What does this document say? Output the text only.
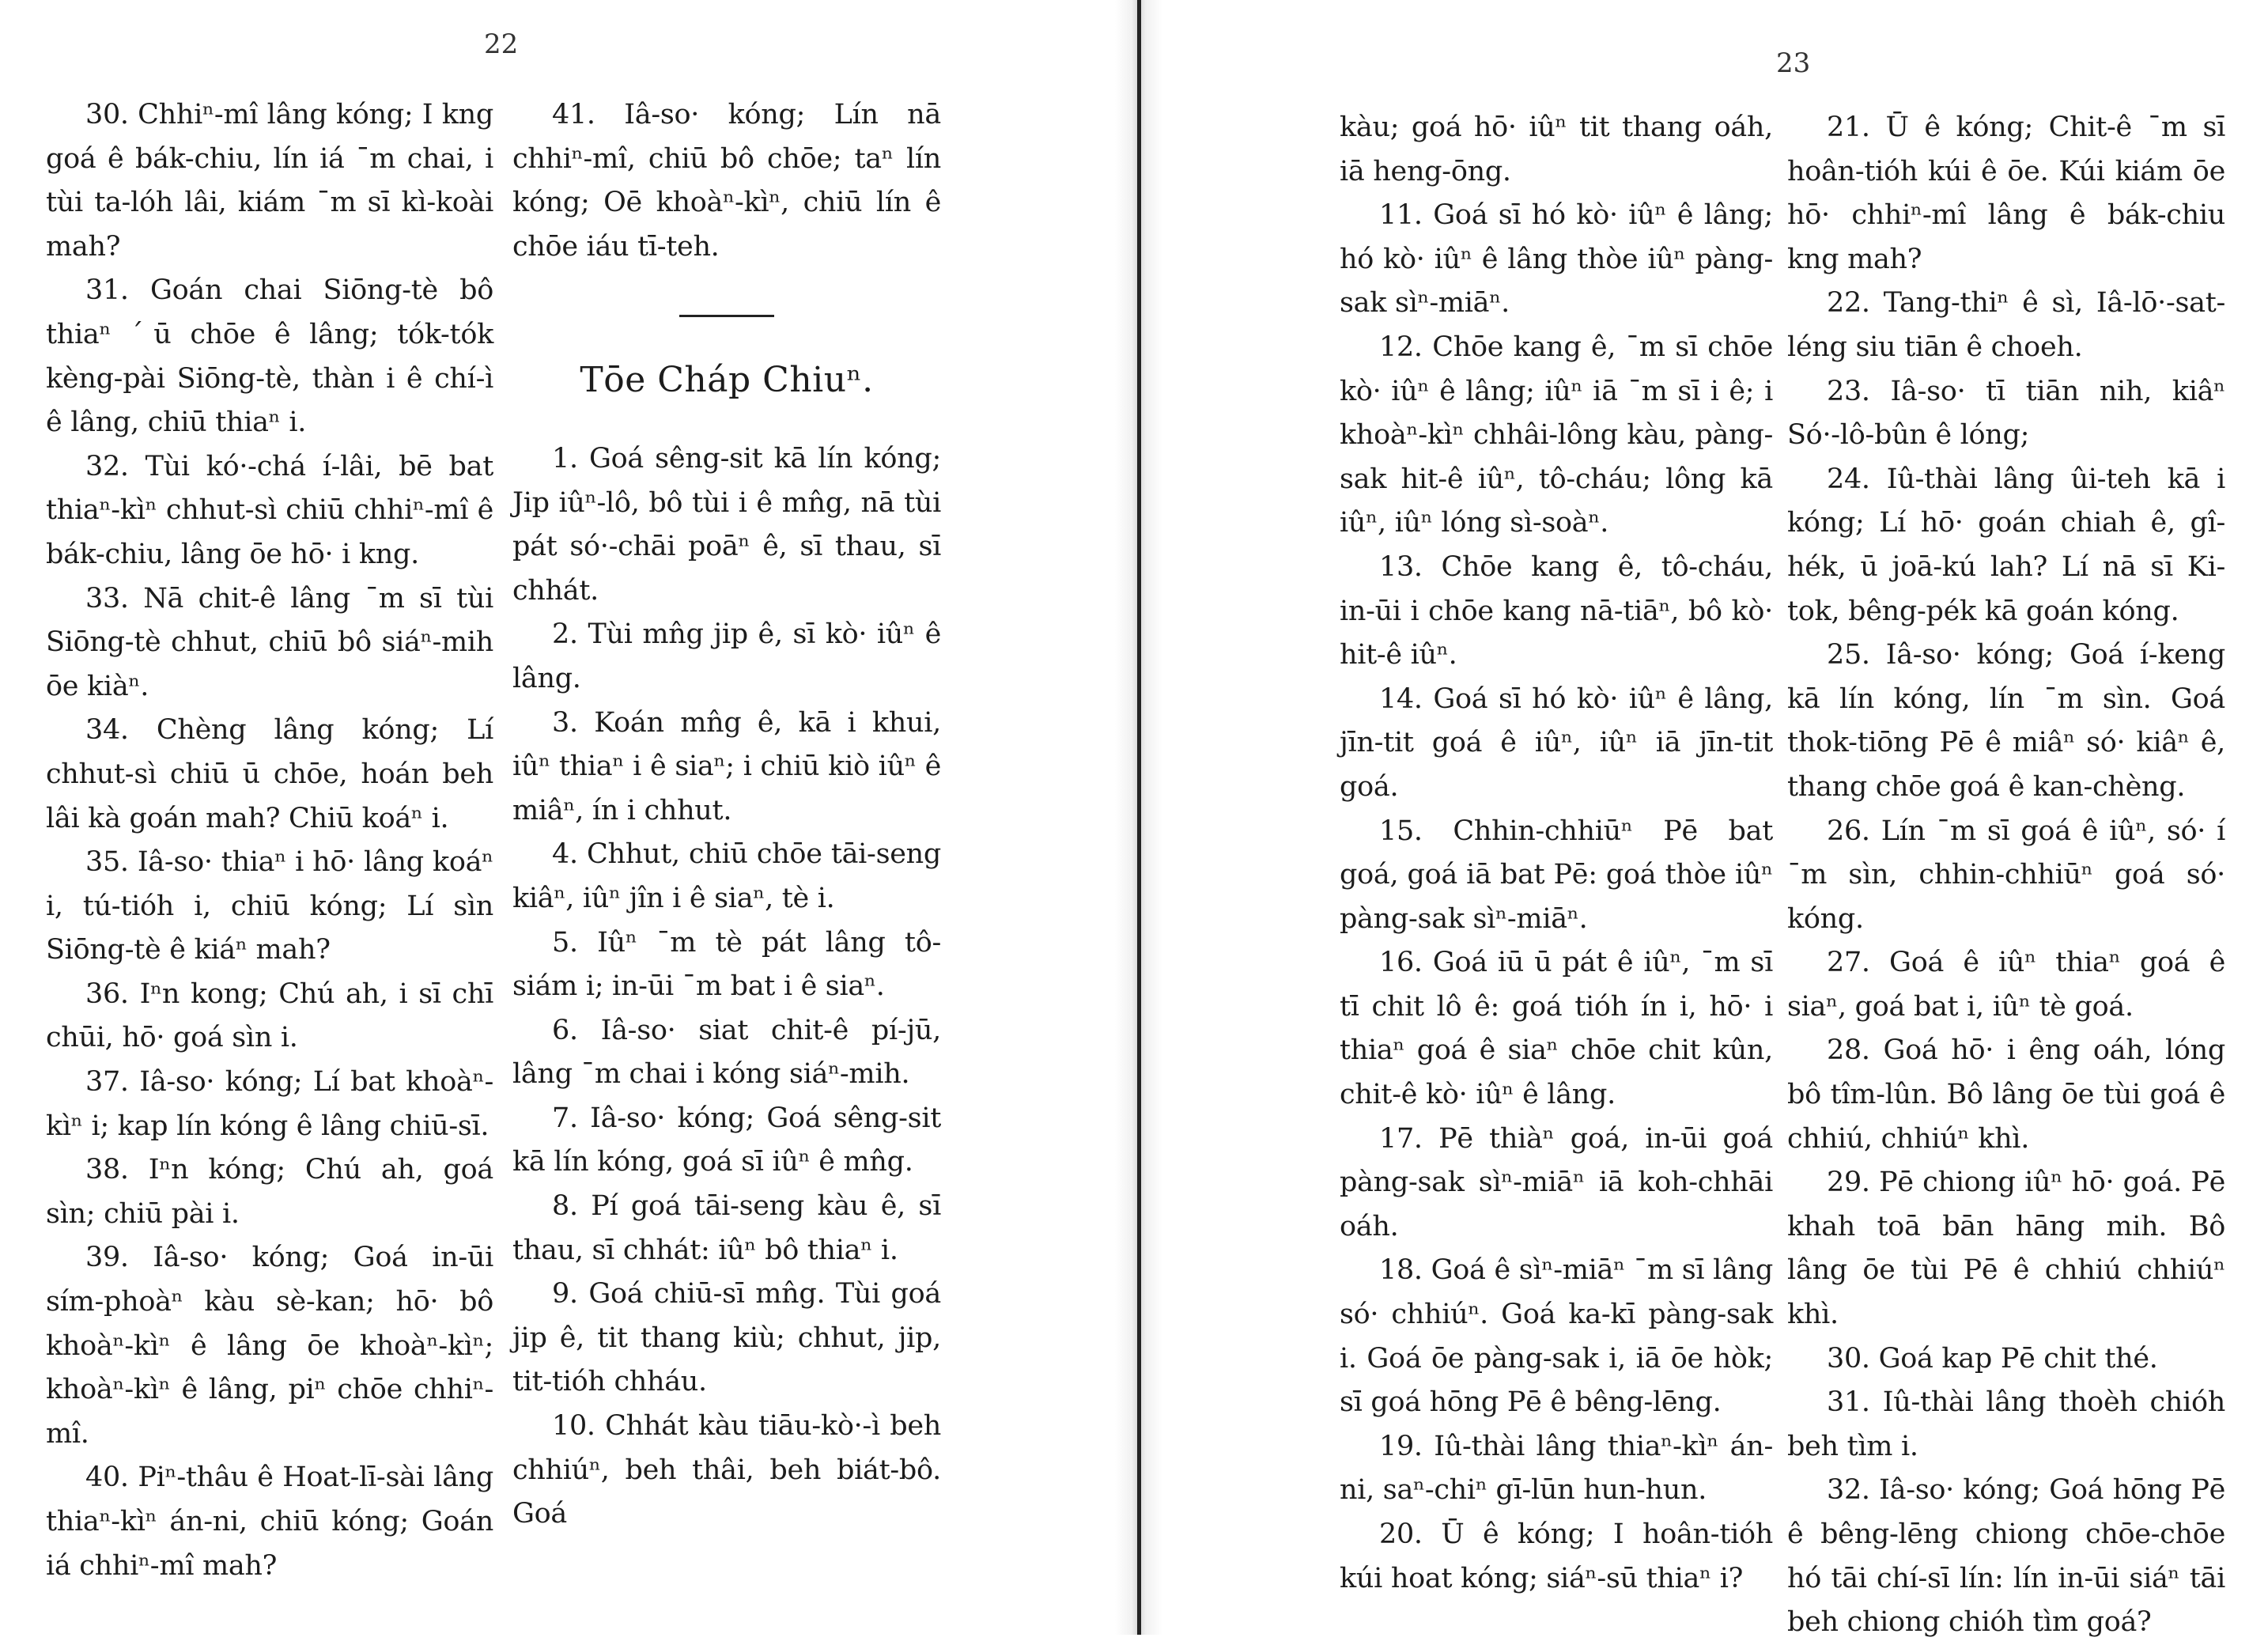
22

30. Chhiⁿ-mî lâng kóng; I kng goá ê bák-chiu, lín iá ˉm chai, i tùi ta-lóh lâi, kiám ˉm sī kì-koài mah?

31. Goán chai Siōng-tè bô thiaⁿ ˊū chōe ê lâng; tók-tók kèng-pài Siōng-tè, thàn i ê chí-ì ê lâng, chiū thiaⁿ i.

32. Tùi kó·-chá í-lâi, bē bat thiaⁿ-kìⁿ chhut-sì chiū chhiⁿ-mî ê bák-chiu, lâng ōe hō· i kng.

33. Nā chit-ê lâng ˉm sī tùi Siōng-tè chhut, chiū bô siáⁿ-mih ōe kiàⁿ.

34. Chèng lâng kóng; Lí chhut-sì chiū ū chōe, hoán beh lâi kà goán mah? Chiū koáⁿ i.

35. Iâ-so· thiaⁿ i hō· lâng koáⁿ i, tú-tióh i, chiū kóng; Lí sìn Siōng-tè ê kiáⁿ mah?

36. Iⁿn kong; Chú ah, i sī chī chūi, hō· goá sìn i.

37. Iâ-so· kóng; Lí bat khoàⁿ-kìⁿ i; kap lín kóng ê lâng chiū-sī.

38. Iⁿn kóng; Chú ah, goá sìn; chiū pài i.

39. Iâ-so· kóng; Goá in-ūi sím-phoàⁿ kàu sè-kan; hō· bô khoàⁿ-kìⁿ ê lâng ōe khoàⁿ-kìⁿ; khoàⁿ-kìⁿ ê lâng, piⁿ chōe chhiⁿ-mî.

40. Piⁿ-thâu ê Hoat-lī-sài lâng thiaⁿ-kìⁿ án-ni, chiū kóng; Goán iá chhiⁿ-mî mah?

41. Iâ-so· kóng; Lín nā chhiⁿ-mî, chiū bô chōe; taⁿ lín kóng; Oē khoàⁿ-kìⁿ, chiū lín ê chōe iáu tī-teh.

Tōe Cháp Chiuⁿ.

1. Goá sêng-sit kā lín kóng; Jip iûⁿ-lô, bô tùi i ê mn̂g, nā tùi pát só·-chāi poāⁿ ê, sī thau, sī chhát.

2. Tùi mn̂g jip ê, sī kò· iûⁿ ê lâng.

3. Koán mn̂g ê, kā i khui, iûⁿ thiaⁿ i ê siaⁿ; i chiū kiò iûⁿ ê miâⁿ, ín i chhut.

4. Chhut, chiū chōe tāi-seng kiâⁿ, iûⁿ jîn i ê siaⁿ, tè i.

5. Iûⁿ ˉm tè pát lâng tô-siám i; in-ūi ˉm bat i ê siaⁿ.

6. Iâ-so· siat chit-ê pí-jū, lâng ˉm chai i kóng siáⁿ-mih.

7. Iâ-so· kóng; Goá sêng-sit kā lín kóng, goá sī iûⁿ ê mn̂g.

8. Pí goá tāi-seng kàu ê, sī thau, sī chhát: iûⁿ bô thiaⁿ i.

9. Goá chiū-sī mn̂g. Tùi goá jip ê, tit thang kiù; chhut, jip, tit-tióh chháu.

10. Chhát kàu tiāu-kò·-ì beh chhiúⁿ, beh thâi, beh biát-bô. Goá

23

kàu; goá hō· iûⁿ tit thang oáh, iā heng-ōng.

11. Goá sī hó kò· iûⁿ ê lâng; hó kò· iûⁿ ê lâng thòe iûⁿ pàng-sak sìⁿ-miāⁿ.

12. Chōe kang ê, ˉm sī chōe kò· iûⁿ ê lâng; iûⁿ iā ˉm sī i ê; i khoàⁿ-kìⁿ chhâi-lông kàu, pàng-sak hit-ê iûⁿ, tô-cháu; lông kā iûⁿ, iûⁿ lóng sì-soàⁿ.

13. Chōe kang ê, tô-cháu, in-ūi i chōe kang nā-tiāⁿ, bô kò· hit-ê iûⁿ.

14. Goá sī hó kò· iûⁿ ê lâng, jīn-tit goá ê iûⁿ, iûⁿ iā jīn-tit goá.

15. Chhin-chhiūⁿ Pē bat goá, goá iā bat Pē: goá thòe iûⁿ pàng-sak sìⁿ-miāⁿ.

16. Goá iū ū pát ê iûⁿ, ˉm sī tī chit lô ê: goá tióh ín i, hō· i thiaⁿ goá ê siaⁿ chōe chit kûn, chit-ê kò· iûⁿ ê lâng.

17. Pē thiàⁿ goá, in-ūi goá pàng-sak sìⁿ-miāⁿ iā koh-chhāi oáh.

18. Goá ê sìⁿ-miāⁿ ˉm sī lâng só· chhiúⁿ. Goá ka-kī pàng-sak i. Goá ōe pàng-sak i, iā ōe hòk; sī goá hōng Pē ê bêng-lēng.

19. Iû-thài lâng thiaⁿ-kìⁿ án-ni, saⁿ-chiⁿ gī-lūn hun-hun.

20. Ū ê kóng; I hoân-tióh kúi hoat kóng; siáⁿ-sū thiaⁿ i?

21. Ū ê kóng; Chit-ê ˉm sī hoân-tióh kúi ê ōe. Kúi kiám ōe hō· chhiⁿ-mî lâng ê bák-chiu kng mah?

22. Tang-thiⁿ ê sì, Iâ-lō·-sat-léng siu tiān ê choeh.

23. Iâ-so· tī tiān nih, kiâⁿ Só·-lô-bûn ê lóng;

24. Iû-thài lâng ûi-teh kā i kóng; Lí hō· goán chiah ê, gî-hék, ū joā-kú lah? Lí nā sī Ki-tok, bêng-pék kā goán kóng.

25. Iâ-so· kóng; Goá í-keng kā lín kóng, lín ˉm sìn. Goá thok-tiōng Pē ê miâⁿ só· kiâⁿ ê, thang chōe goá ê kan-chèng.

26. Lín ˉm sī goá ê iûⁿ, só· í ˉm sìn, chhin-chhiūⁿ goá só· kóng.

27. Goá ê iûⁿ thiaⁿ goá ê siaⁿ, goá bat i, iûⁿ tè goá.

28. Goá hō· i êng oáh, lóng bô tîm-lûn. Bô lâng ōe tùi goá ê chhiú, chhiúⁿ khì.

29. Pē chiong iûⁿ hō· goá. Pē khah toā bān hāng mih. Bô lâng ōe tùi Pē ê chhiú chhiúⁿ khì.

30. Goá kap Pē chit thé.

31. Iû-thài lâng thoèh chióh beh tìm i.

32. Iâ-so· kóng; Goá hōng Pē ê bêng-lēng chiong chōe-chōe hó tāi chí-sī lín: lín in-ūi siáⁿ tāi beh chiong chióh tìm goá?
